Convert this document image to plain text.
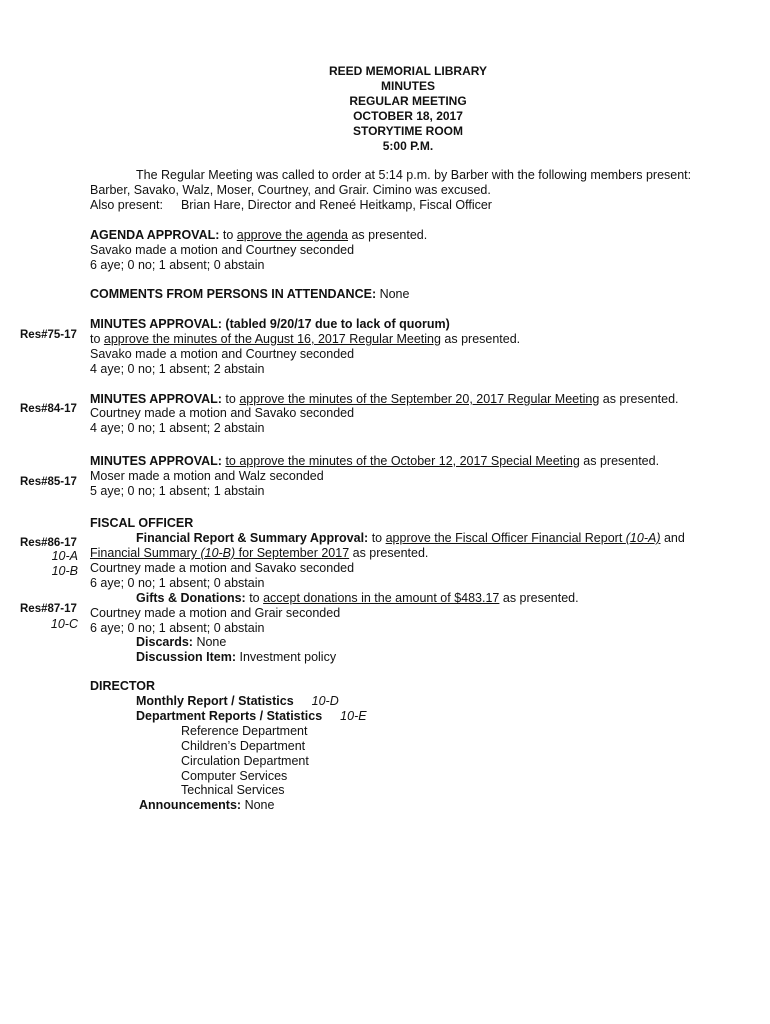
REED MEMORIAL LIBRARY
MINUTES
REGULAR MEETING
OCTOBER 18, 2017
STORYTIME ROOM
5:00 P.M.
The Regular Meeting was called to order at 5:14 p.m. by Barber with the following members present:
Barber, Savako, Walz, Moser, Courtney, and Grair. Cimino was excused.
Also present: Brian Hare, Director and Reneé Heitkamp, Fiscal Officer
AGENDA APPROVAL: to approve the agenda as presented.
Savako made a motion and Courtney seconded
6 aye; 0 no; 1 absent; 0 abstain
COMMENTS FROM PERSONS IN ATTENDANCE: None
Res#75-17
MINUTES APPROVAL: (tabled 9/20/17 due to lack of quorum)
to approve the minutes of the August 16, 2017 Regular Meeting as presented.
Savako made a motion and Courtney seconded
4 aye; 0 no; 1 absent; 2 abstain
Res#84-17
MINUTES APPROVAL: to approve the minutes of the September 20, 2017 Regular Meeting as presented.
Courtney made a motion and Savako seconded
4 aye; 0 no; 1 absent; 2 abstain
Res#85-17
MINUTES APPROVAL: to approve the minutes of the October 12, 2017 Special Meeting as presented.
Moser made a motion and Walz seconded
5 aye; 0 no; 1 absent; 1 abstain
FISCAL OFFICER
Res#86-17
10-A
10-B
Financial Report & Summary Approval: to approve the Fiscal Officer Financial Report (10-A) and
Financial Summary (10-B) for September 2017 as presented.
Courtney made a motion and Savako seconded
6 aye; 0 no; 1 absent; 0 abstain
Gifts & Donations: to accept donations in the amount of $483.17 as presented.
Res#87-17
10-C
Courtney made a motion and Grair seconded
6 aye; 0 no; 1 absent; 0 abstain
Discards: None
Discussion Item: Investment policy
DIRECTOR
Monthly Report / Statistics 10-D
Department Reports / Statistics 10-E
Reference Department
Children’s Department
Circulation Department
Computer Services
Technical Services
Announcements: None
